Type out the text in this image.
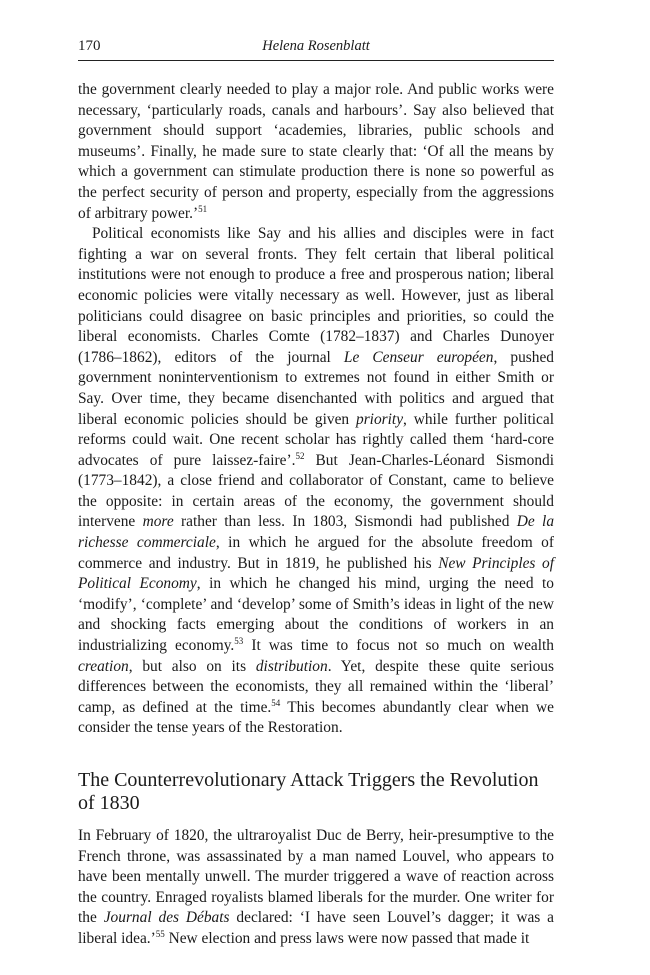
170	Helena Rosenblatt

the government clearly needed to play a major role. And public works were necessary, ‘particularly roads, canals and harbours’. Say also believed that government should support ‘academies, libraries, public schools and museums’. Finally, he made sure to state clearly that: ‘Of all the means by which a government can stimulate production there is none so powerful as the perfect security of person and property, especially from the aggressions of arbitrary power.’$^{51}$

Political economists like Say and his allies and disciples were in fact fighting a war on several fronts. They felt certain that liberal political institutions were not enough to produce a free and prosperous nation; liberal economic policies were vitally necessary as well. However, just as liberal politicians could disagree on basic principles and priorities, so could the liberal economists. Charles Comte (1782–1837) and Charles Dunoyer (1786–1862), editors of the journal Le Censeur européen, pushed government noninterventionism to extremes not found in either Smith or Say. Over time, they became disenchanted with politics and argued that liberal economic policies should be given priority, while further political reforms could wait. One recent scholar has rightly called them ‘hard-core advocates of pure laissez-faire’.$^{52}$ But Jean-Charles-Léonard Sismondi (1773–1842), a close friend and collaborator of Constant, came to believe the opposite: in certain areas of the economy, the government should intervene more rather than less. In 1803, Sismondi had published De la richesse commerciale, in which he argued for the absolute freedom of commerce and industry. But in 1819, he published his New Principles of Political Economy, in which he changed his mind, urging the need to ‘modify’, ‘complete’ and ‘develop’ some of Smith’s ideas in light of the new and shocking facts emerging about the conditions of workers in an industrializing economy.$^{53}$ It was time to focus not so much on wealth creation, but also on its distribution. Yet, despite these quite serious differences between the economists, they all remained within the ‘liberal’ camp, as defined at the time.$^{54}$ This becomes abundantly clear when we consider the tense years of the Restoration.

The Counterrevolutionary Attack Triggers the Revolution of 1830

In February of 1820, the ultraroyalist Duc de Berry, heir-presumptive to the French throne, was assassinated by a man named Louvel, who appears to have been mentally unwell. The murder triggered a wave of reaction across the country. Enraged royalists blamed liberals for the murder. One writer for the Journal des Débats declared: ‘I have seen Louvel’s dagger; it was a liberal idea.’$^{55}$ New election and press laws were now passed that made it
